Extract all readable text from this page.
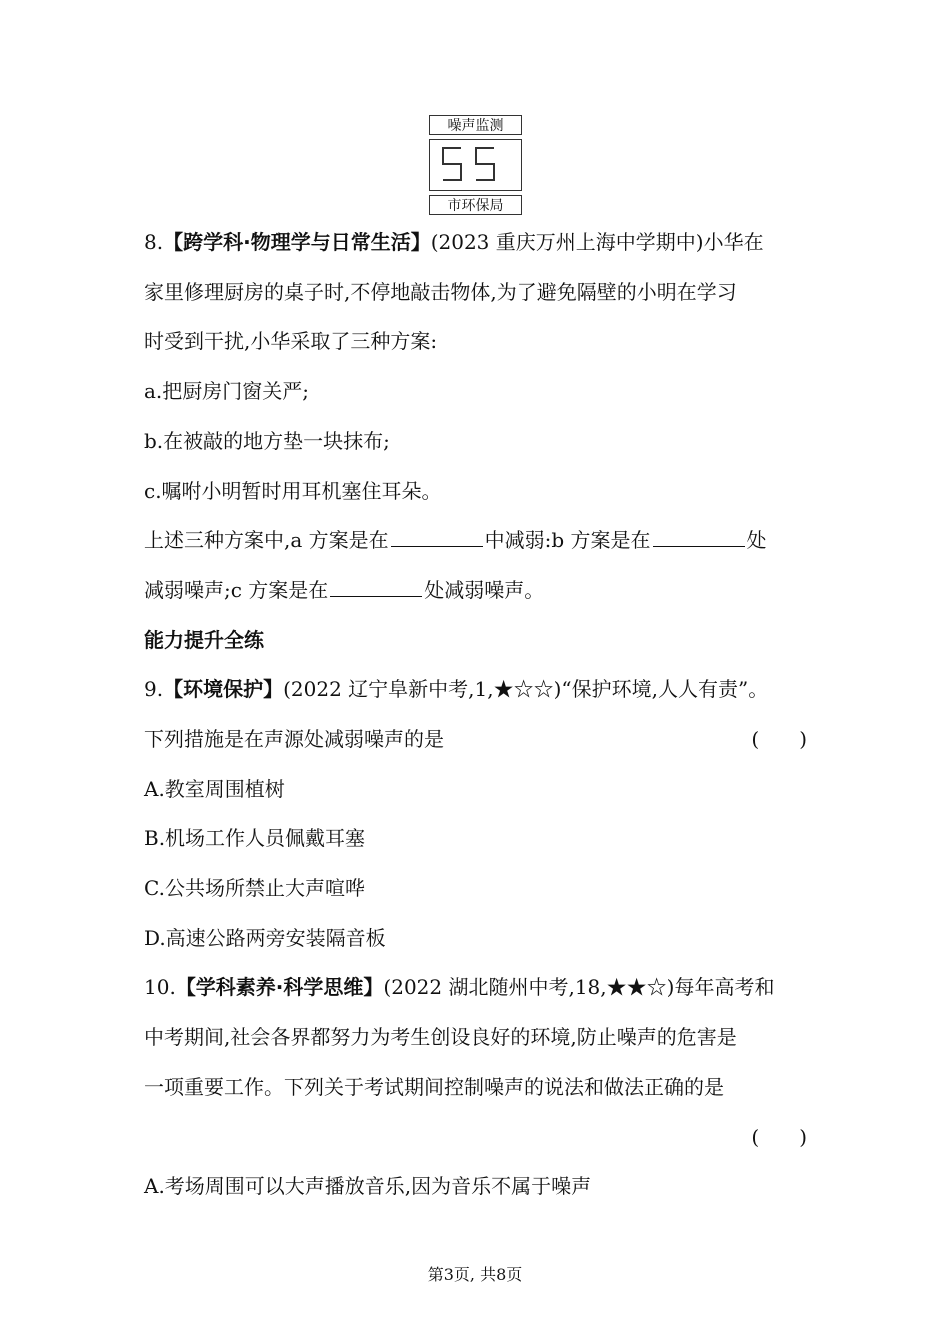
噪声监测
市环保局
8.【跨学科·物理学与日常生活】(2023 重庆万州上海中学期中)小华在
家里修理厨房的桌子时,不停地敲击物体,为了避免隔壁的小明在学习
时受到干扰,小华采取了三种方案:
a.把厨房门窗关严;
b.在被敲的地方垫一块抹布;
c.嘱咐小明暂时用耳机塞住耳朵。
上述三种方案中,a 方案是在	中减弱:b 方案是在	处
减弱噪声;c 方案是在	处减弱噪声。
能力提升全练
9.【环境保护】(2022 辽宁阜新中考,1,★☆☆)“保护环境,人人有责”。
下列措施是在声源处减弱噪声的是	(　　)
A.教室周围植树
B.机场工作人员佩戴耳塞
C.公共场所禁止大声喧哗
D.高速公路两旁安装隔音板
10.【学科素养·科学思维】(2022 湖北随州中考,18,★★☆)每年高考和
中考期间,社会各界都努力为考生创设良好的环境,防止噪声的危害是
一项重要工作。下列关于考试期间控制噪声的说法和做法正确的是
(　　)
A.考场周围可以大声播放音乐,因为音乐不属于噪声
第3页, 共8页
